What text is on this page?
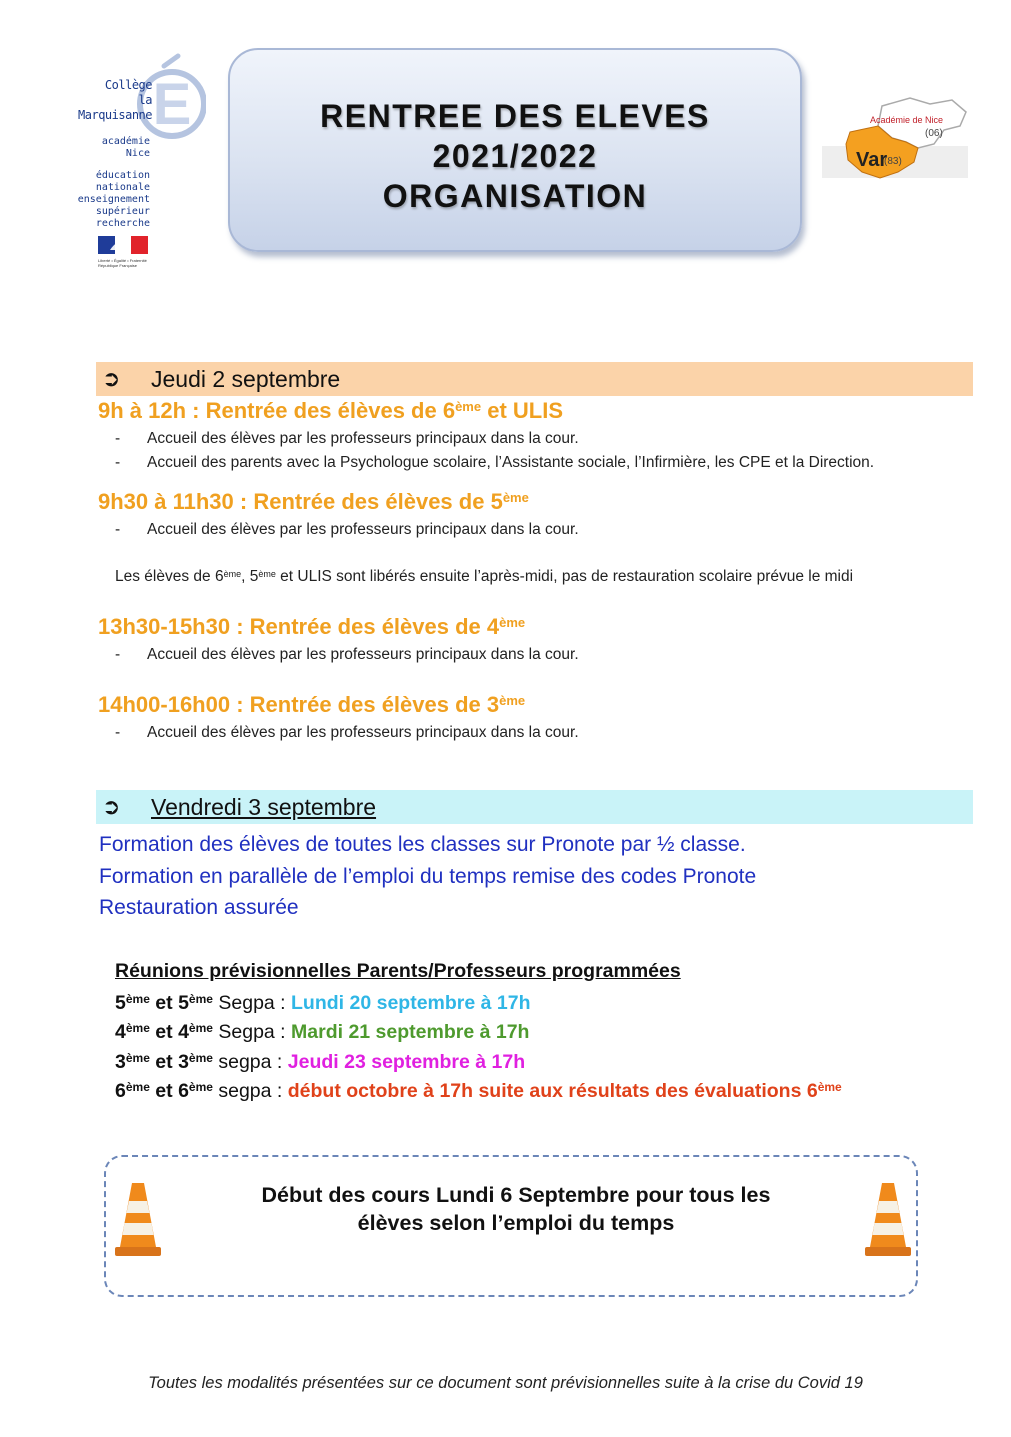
E
Collège
la Marquisanne
académie
Nice
éducation
nationale
enseignement
supérieur
recherche
Liberté • Égalité • Fraternité République Française
RENTREE DES ELEVES
2021/2022
ORGANISATION
Académie de Nice
(06)
Var
(83)
➲ Jeudi 2 septembre
9h à 12h : Rentrée des élèves de 6ème et ULIS
- Accueil des élèves par les professeurs principaux dans la cour.
- Accueil des parents avec la Psychologue scolaire, l’Assistante sociale, l’Infirmière, les CPE et la Direction.
9h30 à 11h30 : Rentrée des élèves de 5ème
- Accueil des élèves par les professeurs principaux dans la cour.
Les élèves de 6ème, 5ème et ULIS sont libérés ensuite l’après-midi, pas de restauration scolaire prévue le midi
13h30-15h30 : Rentrée des élèves de 4ème
- Accueil des élèves par les professeurs principaux dans la cour.
14h00-16h00 : Rentrée des élèves de 3ème
- Accueil des élèves par les professeurs principaux dans la cour.
➲ Vendredi 3 septembre
Formation des élèves de toutes les classes sur Pronote par ½ classe.
Formation en parallèle de l’emploi du temps remise des codes Pronote
Restauration assurée
Réunions prévisionnelles Parents/Professeurs programmées
5ème et 5ème Segpa : Lundi 20 septembre à 17h
4ème et 4ème Segpa : Mardi 21 septembre à 17h
3ème et 3ème segpa : Jeudi 23 septembre à 17h
6ème et 6ème segpa : début octobre à 17h suite aux résultats des évaluations 6ème
Début des cours Lundi 6 Septembre pour tous les
élèves selon l’emploi du temps
Toutes les modalités présentées sur ce document sont prévisionnelles suite à la crise du Covid 19
